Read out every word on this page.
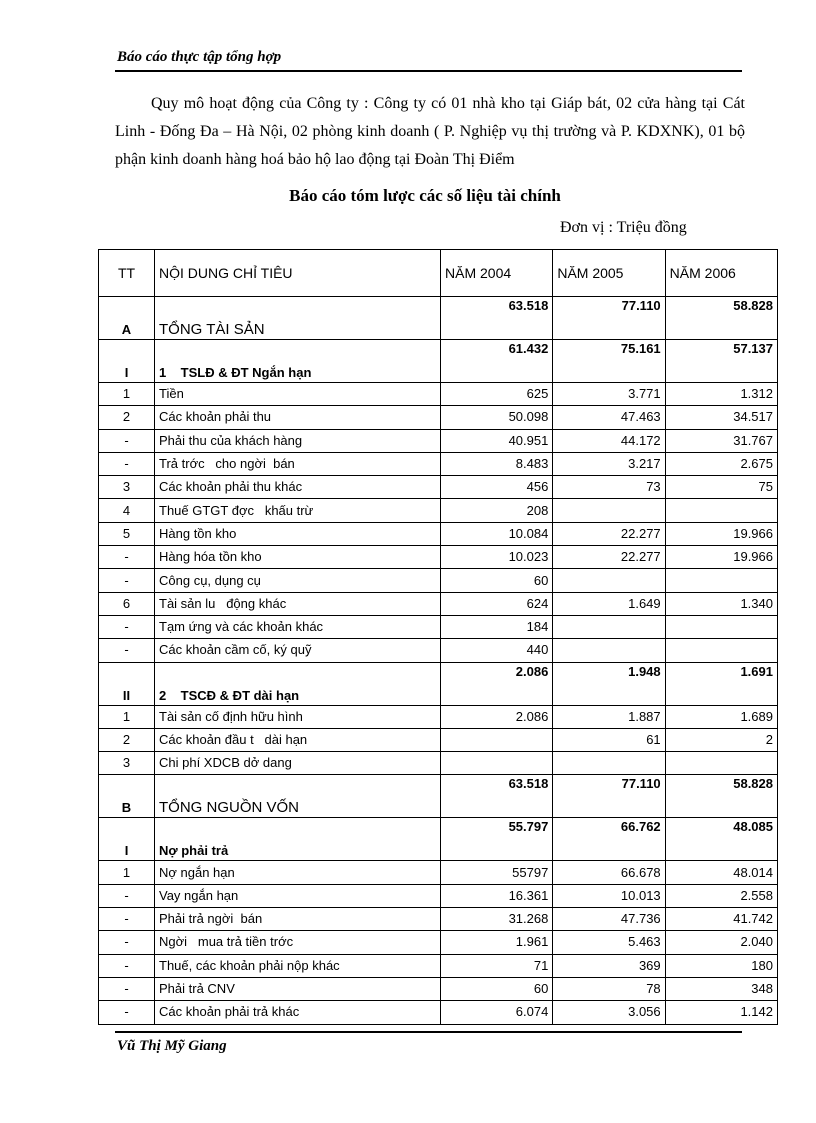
Báo cáo thực tập tổng hợp
Quy mô hoạt động của Công ty : Công ty có 01 nhà kho tại Giáp bát, 02 cửa hàng tại Cát Linh - Đống Đa – Hà Nội, 02 phòng kinh doanh ( P. Nghiệp vụ thị trường và P. KDXNK), 01 bộ phận kinh doanh hàng hoá bảo hộ lao động tại Đoàn Thị Điểm
Báo cáo tóm lược các số liệu tài chính
Đơn vị : Triệu đồng
TT	NỘI DUNG CHỈ TIÊU	NĂM 2004	NĂM 2005	NĂM 2006
A	TỔNG TÀI SẢN	63.518	77.110	58.828
I	1    TSLĐ & ĐT Ngắn hạn	61.432	75.161	57.137
1	Tiền	625	3.771	1.312
2	Các khoản phải thu	50.098	47.463	34.517
-	Phải thu của khách hàng	40.951	44.172	31.767
-	Trả trớc   cho ngời  bán	8.483	3.217	2.675
3	Các khoản phải thu khác	456	73	75
4	Thuế GTGT đợc   khấu trừ	208		
5	Hàng tồn kho	10.084	22.277	19.966
-	Hàng hóa tồn kho	10.023	22.277	19.966
-	Công cụ, dụng cụ	60		
6	Tài sản lu   động khác	624	1.649	1.340
-	Tạm ứng và các khoản khác	184		
-	Các khoản cầm cố, ký quỹ	440		
II	2    TSCĐ & ĐT dài hạn	2.086	1.948	1.691
1	Tài sản cố định hữu hình	2.086	1.887	1.689
2	Các khoản đầu t   dài hạn		61	2
3	Chi phí XDCB dở dang			
B	TỔNG NGUỒN VỐN	63.518	77.110	58.828
I	Nợ phải trả	55.797	66.762	48.085
1	Nợ ngắn hạn	55797	66.678	48.014
-	Vay ngắn hạn	16.361	10.013	2.558
-	Phải trả ngời  bán	31.268	47.736	41.742
-	Ngời   mua trả tiền trớc	1.961	5.463	2.040
-	Thuế, các khoản phải nộp khác	71	369	180
-	Phải trả CNV	60	78	348
-	Các khoản phải trả khác	6.074	3.056	1.142
Vũ Thị Mỹ Giang
